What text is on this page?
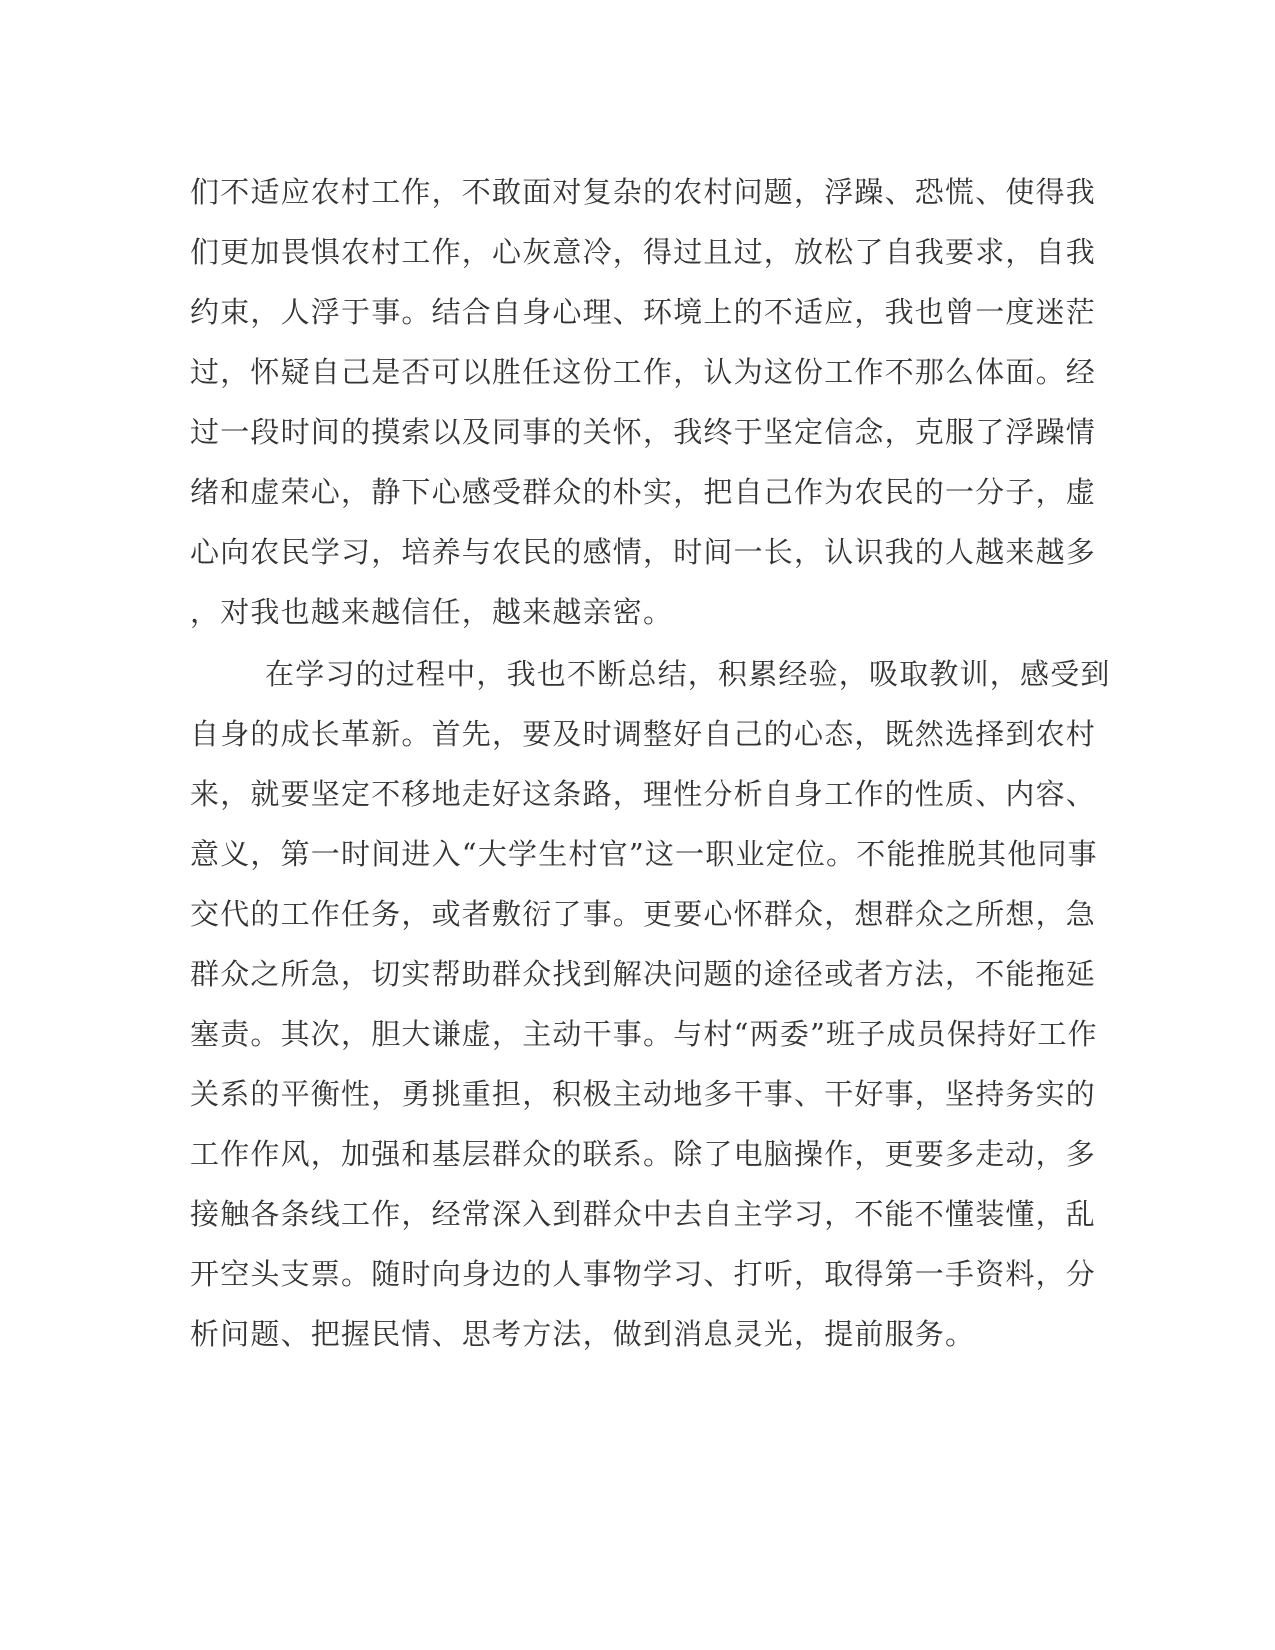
们不适应农村工作，不敢面对复杂的农村问题，浮躁、恐慌、使得我
们更加畏惧农村工作，心灰意冷，得过且过，放松了自我要求，自我
约束，人浮于事。结合自身心理、环境上的不适应，我也曾一度迷茫
过，怀疑自己是否可以胜任这份工作，认为这份工作不那么体面。经
过一段时间的摸索以及同事的关怀，我终于坚定信念，克服了浮躁情
绪和虚荣心，静下心感受群众的朴实，把自己作为农民的一分子，虚
心向农民学习，培养与农民的感情，时间一长，认识我的人越来越多
，对我也越来越信任，越来越亲密。
在学习的过程中，我也不断总结，积累经验，吸取教训，感受到
自身的成长革新。首先，要及时调整好自己的心态，既然选择到农村
来，就要坚定不移地走好这条路，理性分析自身工作的性质、内容、
意义，第一时间进入“大学生村官”这一职业定位。不能推脱其他同事
交代的工作任务，或者敷衍了事。更要心怀群众，想群众之所想，急
群众之所急，切实帮助群众找到解决问题的途径或者方法，不能拖延
塞责。其次，胆大谦虚，主动干事。与村“两委”班子成员保持好工作
关系的平衡性，勇挑重担，积极主动地多干事、干好事，坚持务实的
工作作风，加强和基层群众的联系。除了电脑操作，更要多走动，多
接触各条线工作，经常深入到群众中去自主学习，不能不懂装懂，乱
开空头支票。随时向身边的人事物学习、打听，取得第一手资料，分
析问题、把握民情、思考方法，做到消息灵光，提前服务。
